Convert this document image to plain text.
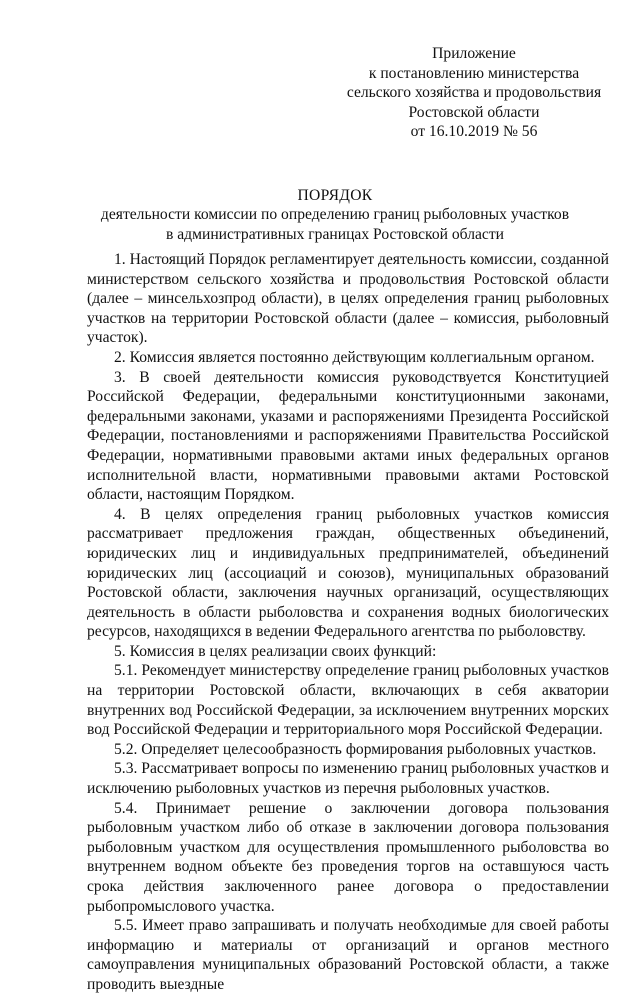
Приложение
к постановлению министерства
сельского хозяйства и продовольствия
Ростовской области
от 16.10.2019 № 56
ПОРЯДОК
деятельности комиссии по определению границ рыболовных участков
в административных границах Ростовской области

1. Настоящий Порядок регламентирует деятельность комиссии, созданной министерством сельского хозяйства и продовольствия Ростовской области (далее – минсельхозпрод области), в целях определения границ рыболовных участков на территории Ростовской области (далее – комиссия, рыболовный участок).

2. Комиссия является постоянно действующим коллегиальным органом.

3. В своей деятельности комиссия руководствуется Конституцией Российской Федерации, федеральными конституционными законами, федеральными законами, указами и распоряжениями Президента Российской Федерации, постановлениями и распоряжениями Правительства Российской Федерации, нормативными правовыми актами иных федеральных органов исполнительной власти, нормативными правовыми актами Ростовской области, настоящим Порядком.

4. В целях определения границ рыболовных участков комиссия рассматривает предложения граждан, общественных объединений, юридических лиц и индивидуальных предпринимателей, объединений юридических лиц (ассоциаций и союзов), муниципальных образований Ростовской области, заключения научных организаций, осуществляющих деятельность в области рыболовства и сохранения водных биологических ресурсов, находящихся в ведении Федерального агентства по рыболовству.

5. Комиссия в целях реализации своих функций:

5.1. Рекомендует министерству определение границ рыболовных участков на территории Ростовской области, включающих в себя акватории внутренних вод Российской Федерации, за исключением внутренних морских вод Российской Федерации и территориального моря Российской Федерации.

5.2. Определяет целесообразность формирования рыболовных участков.

5.3. Рассматривает вопросы по изменению границ рыболовных участков и исключению рыболовных участков из перечня рыболовных участков.

5.4. Принимает решение о заключении договора пользования рыболовным участком либо об отказе в заключении договора пользования рыболовным участком для осуществления промышленного рыболовства во внутреннем водном объекте без проведения торгов на оставшуюся часть срока действия заключенного ранее договора о предоставлении рыбопромыслового участка.

5.5. Имеет право запрашивать и получать необходимые для своей работы информацию и материалы от организаций и органов местного самоуправления муниципальных образований Ростовской области, а также проводить выездные
